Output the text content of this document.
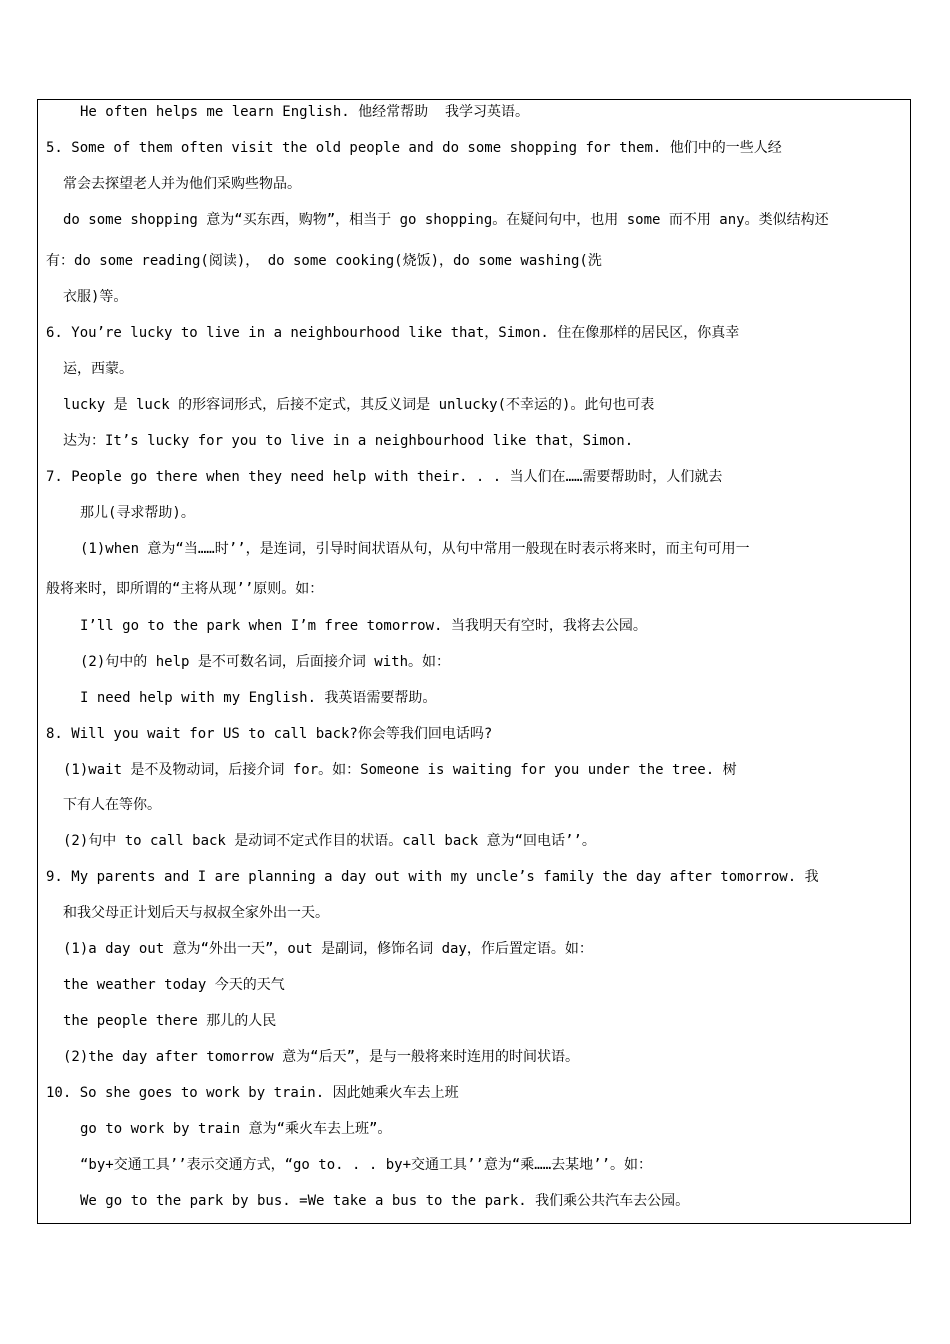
He often helps me learn English. 他经常帮助  我学习英语。
5. Some of them often visit the old people and do some shopping for them. 他们中的一些人经
常会去探望老人并为他们采购些物品。
do some shopping 意为“买东西，购物”，相当于 go shopping。在疑问句中，也用 some 而不用 any。类似结构还
有：do some reading(阅读)， do some cooking(烧饭)，do some washing(洗
衣服)等。
6. You’re lucky to live in a neighbourhood like that，Simon. 住在像那样的居民区，你真幸
运，西蒙。
lucky 是 luck 的形容词形式，后接不定式，其反义词是 unlucky(不幸运的)。此句也可表
达为：It’s lucky for you to live in a neighbourhood like that，Simon.
7. People go there when they need help with their. . . 当人们在……需要帮助时，人们就去
那儿(寻求帮助)。
(1)when 意为“当……时’’，是连词，引导时间状语从句，从句中常用一般现在时表示将来时，而主句可用一
般将来时，即所谓的“主将从现’’原则。如：
I’ll go to the park when I’m free tomorrow. 当我明天有空时，我将去公园。
(2)句中的 help 是不可数名词，后面接介词 with。如：
I need help with my English. 我英语需要帮助。
8. Will you wait for US to call back?你会等我们回电话吗?
(1)wait 是不及物动词，后接介词 for。如：Someone is waiting for you under the tree. 树
下有人在等你。
(2)句中 to call back 是动词不定式作目的状语。call back 意为“回电话’’。
9. My parents and I are planning a day out with my uncle’s family the day after tomorrow. 我
和我父母正计划后天与叔叔全家外出一天。
(1)a day out 意为“外出一天”，out 是副词，修饰名词 day，作后置定语。如：
the weather today 今天的天气
the people there 那儿的人民
(2)the day after tomorrow 意为“后天”，是与一般将来时连用的时间状语。
10. So she goes to work by train. 因此她乘火车去上班
go to work by train 意为“乘火车去上班”。
“by+交通工具’’表示交通方式，“go to. . . by+交通工具’’意为“乘……去某地’’。如：
We go to the park by bus. =We take a bus to the park. 我们乘公共汽车去公园。
